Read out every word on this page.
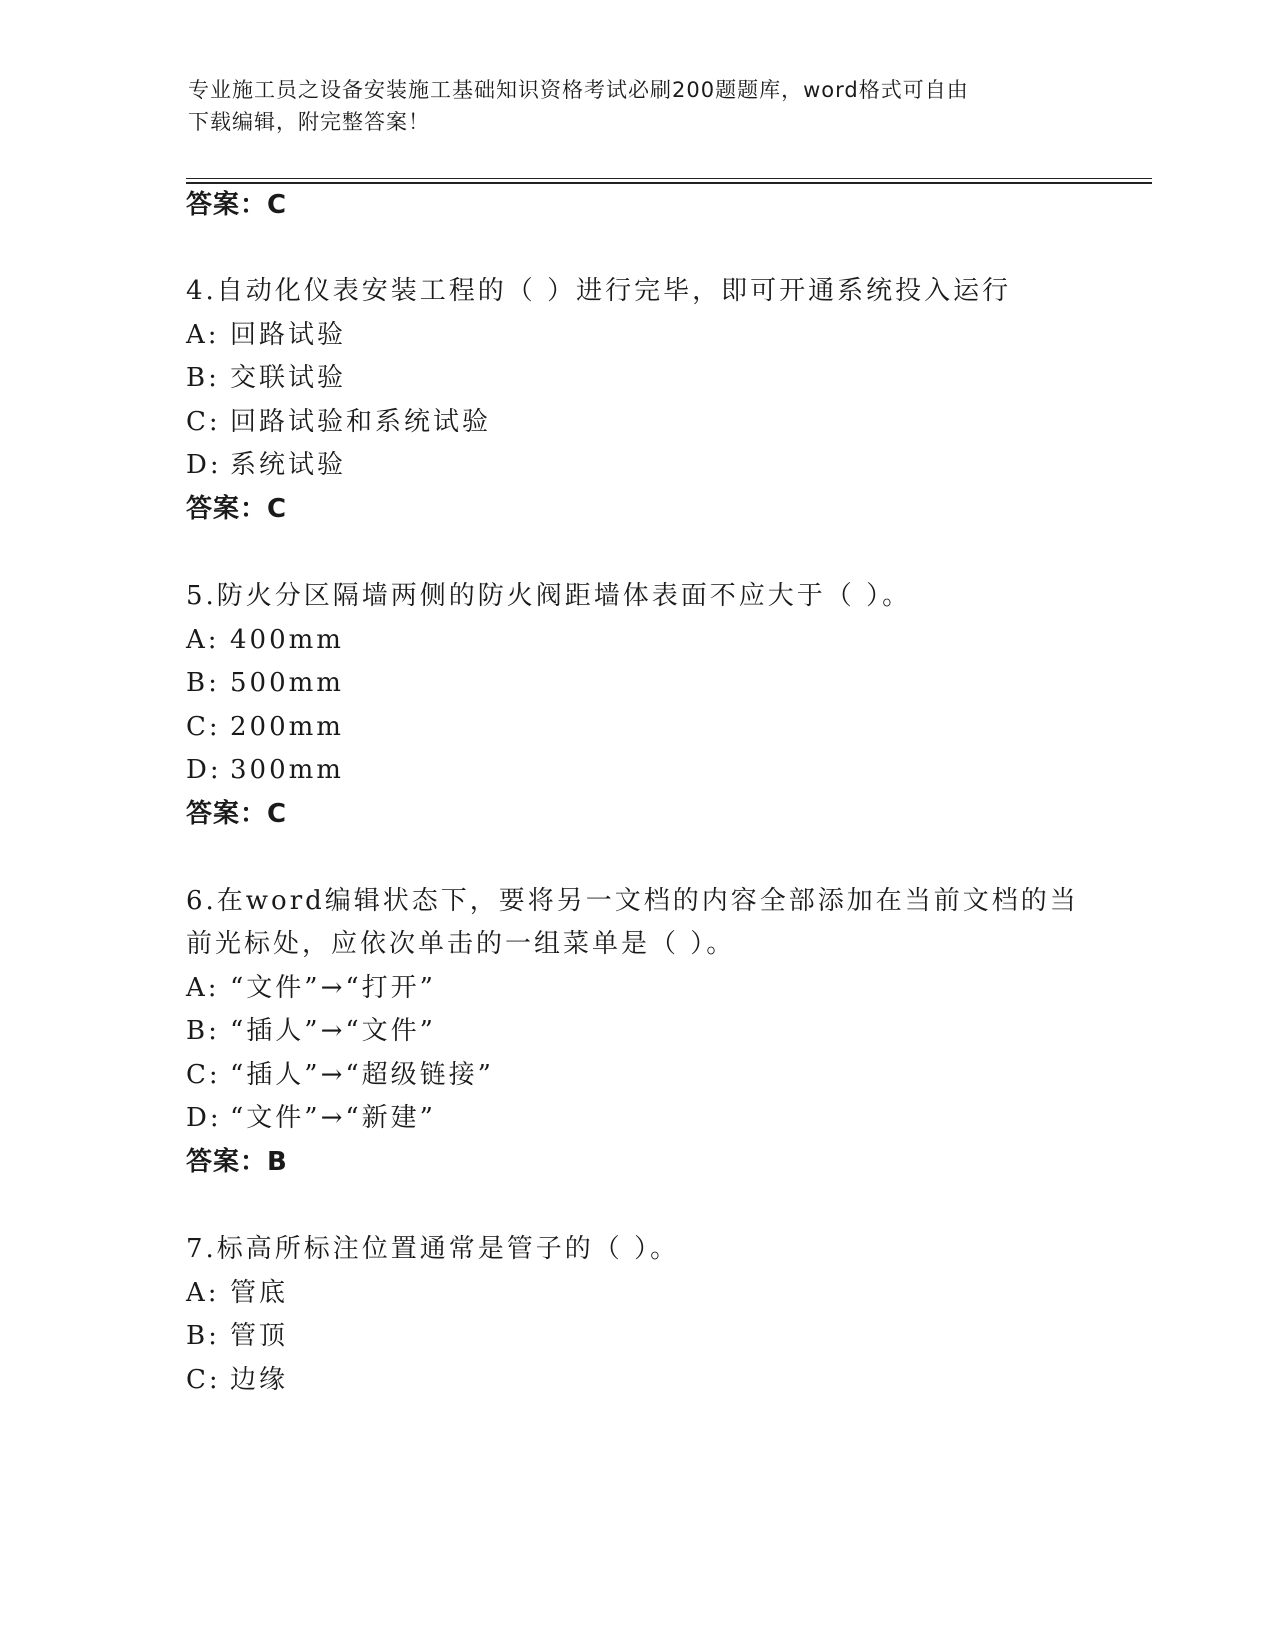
专业施工员之设备安装施工基础知识资格考试必刷200题题库，word格式可自由
下载编辑，附完整答案！
答案：C
4.自动化仪表安装工程的（ ）进行完毕，即可开通系统投入运行
A: 回路试验
B: 交联试验
C: 回路试验和系统试验
D: 系统试验
答案：C
5.防火分区隔墙两侧的防火阀距墙体表面不应大于（ ）。
A: 400mm
B: 500mm
C: 200mm
D: 300mm
答案：C
6.在word编辑状态下，要将另一文档的内容全部添加在当前文档的当
前光标处，应依次单击的一组菜单是（ ）。
A: “文件”→“打开”
B: “插人”→“文件”
C: “插人”→“超级链接”
D: “文件”→“新建”
答案：B
7.标高所标注位置通常是管子的（ ）。
A: 管底
B: 管顶
C: 边缘
